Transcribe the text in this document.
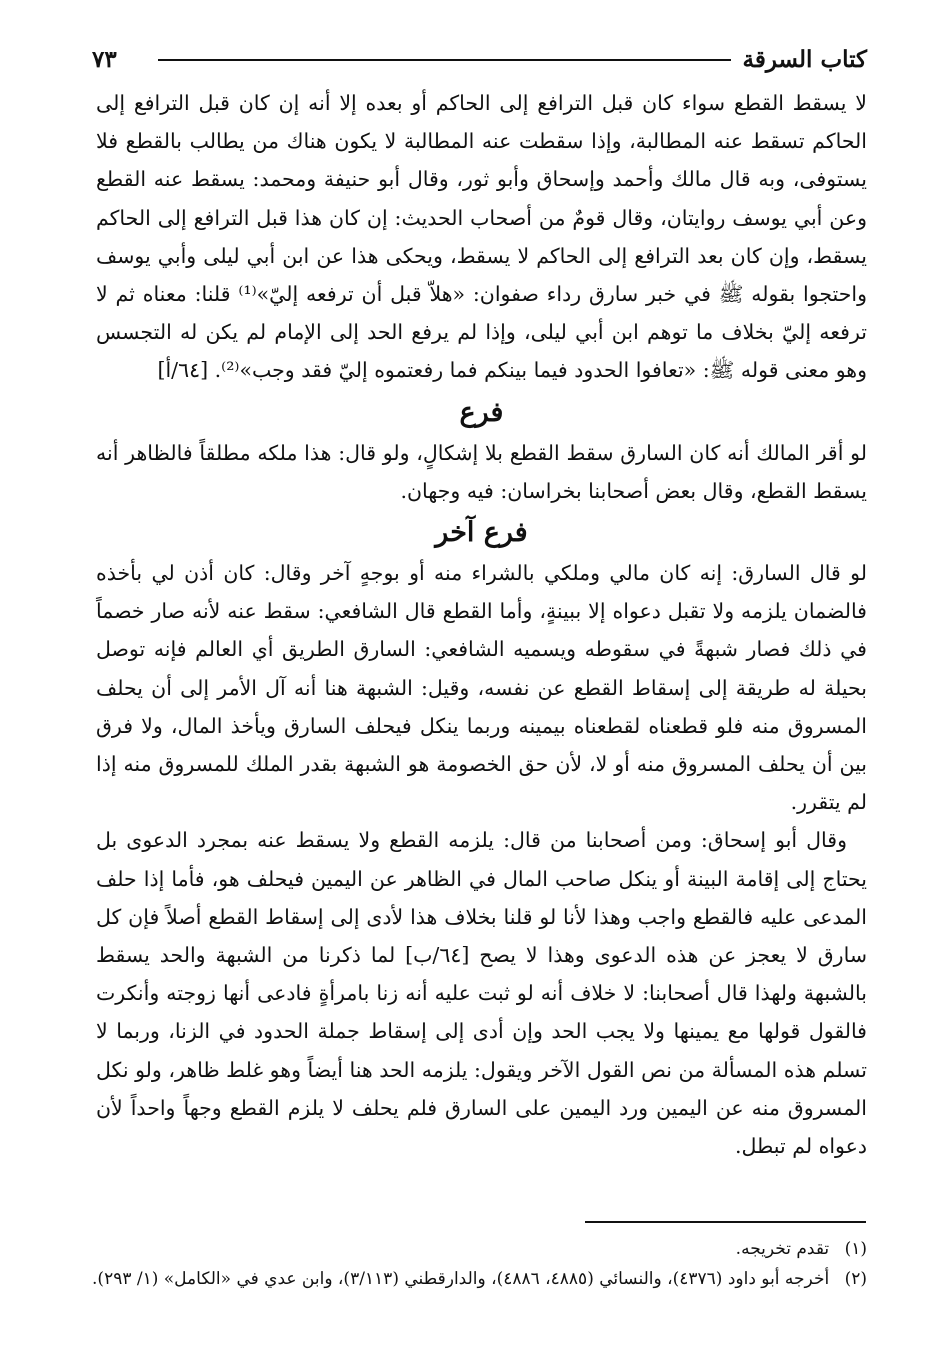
كتاب السرقة
٧٣

لا يسقط القطع سواء كان قبل الترافع إلى الحاكم أو بعده إلا أنه إن كان قبل الترافع إلى الحاكم تسقط عنه المطالبة، وإذا سقطت عنه المطالبة لا يكون هناك من يطالب بالقطع فلا يستوفى، وبه قال مالك وأحمد وإسحاق وأبو ثور، وقال أبو حنيفة ومحمد: يسقط عنه القطع وعن أبي يوسف روايتان، وقال قومٌ من أصحاب الحديث: إن كان هذا قبل الترافع إلى الحاكم يسقط، وإن كان بعد الترافع إلى الحاكم لا يسقط، ويحكى هذا عن ابن أبي ليلى وأبي يوسف واحتجوا بقوله ﷺ في خبر سارق رداء صفوان: «هلاّ قبل أن ترفعه إليّ»⁽¹⁾ قلنا: معناه ثم لا ترفعه إليّ بخلاف ما توهم ابن أبي ليلى، وإذا لم يرفع الحد إلى الإمام لم يكن له التجسس وهو معنى قوله ﷺ: «تعافوا الحدود فيما بينكم فما رفعتموه إليّ فقد وجب»⁽²⁾. [٦٤/أ]

فرع

لو أقر المالك أنه كان السارق سقط القطع بلا إشكالٍ، ولو قال: هذا ملكه مطلقاً فالظاهر أنه يسقط القطع، وقال بعض أصحابنا بخراسان: فيه وجهان.

فرع آخر

لو قال السارق: إنه كان مالي وملكي بالشراء منه أو بوجهٍ آخر وقال: كان أذن لي بأخذه فالضمان يلزمه ولا تقبل دعواه إلا ببينةٍ، وأما القطع قال الشافعي: سقط عنه لأنه صار خصماً في ذلك فصار شبهةً في سقوطه ويسميه الشافعي: السارق الطريق أي العالم فإنه توصل بحيلة له طريقة إلى إسقاط القطع عن نفسه، وقيل: الشبهة هنا أنه آل الأمر إلى أن يحلف المسروق منه فلو قطعناه لقطعناه بيمينه وربما ينكل فيحلف السارق ويأخذ المال، ولا فرق بين أن يحلف المسروق منه أو لا، لأن حق الخصومة هو الشبهة بقدر الملك للمسروق منه إذا لم يتقرر.

وقال أبو إسحاق: ومن أصحابنا من قال: يلزمه القطع ولا يسقط عنه بمجرد الدعوى بل يحتاج إلى إقامة البينة أو ينكل صاحب المال في الظاهر عن اليمين فيحلف هو، فأما إذا حلف المدعى عليه فالقطع واجب وهذا لأنا لو قلنا بخلاف هذا لأدى إلى إسقاط القطع أصلاً فإن كل سارق لا يعجز عن هذه الدعوى وهذا لا يصح [٦٤/ب] لما ذكرنا من الشبهة والحد يسقط بالشبهة ولهذا قال أصحابنا: لا خلاف أنه لو ثبت عليه أنه زنا بامرأةٍ فادعى أنها زوجته وأنكرت فالقول قولها مع يمينها ولا يجب الحد وإن أدى إلى إسقاط جملة الحدود في الزنا، وربما لا تسلم هذه المسألة من نص القول الآخر ويقول: يلزمه الحد هنا أيضاً وهو غلط ظاهر، ولو نكل المسروق منه عن اليمين ورد اليمين على السارق فلم يحلف لا يلزم القطع وجهاً واحداً لأن دعواه لم تبطل.

(١) تقدم تخريجه.

(٢) أخرجه أبو داود (٤٣٧٦)، والنسائي (٤٨٨٥، ٤٨٨٦)، والدارقطني (٣/١١٣)، وابن عدي في «الكامل» (١/ ٢٩٣).
